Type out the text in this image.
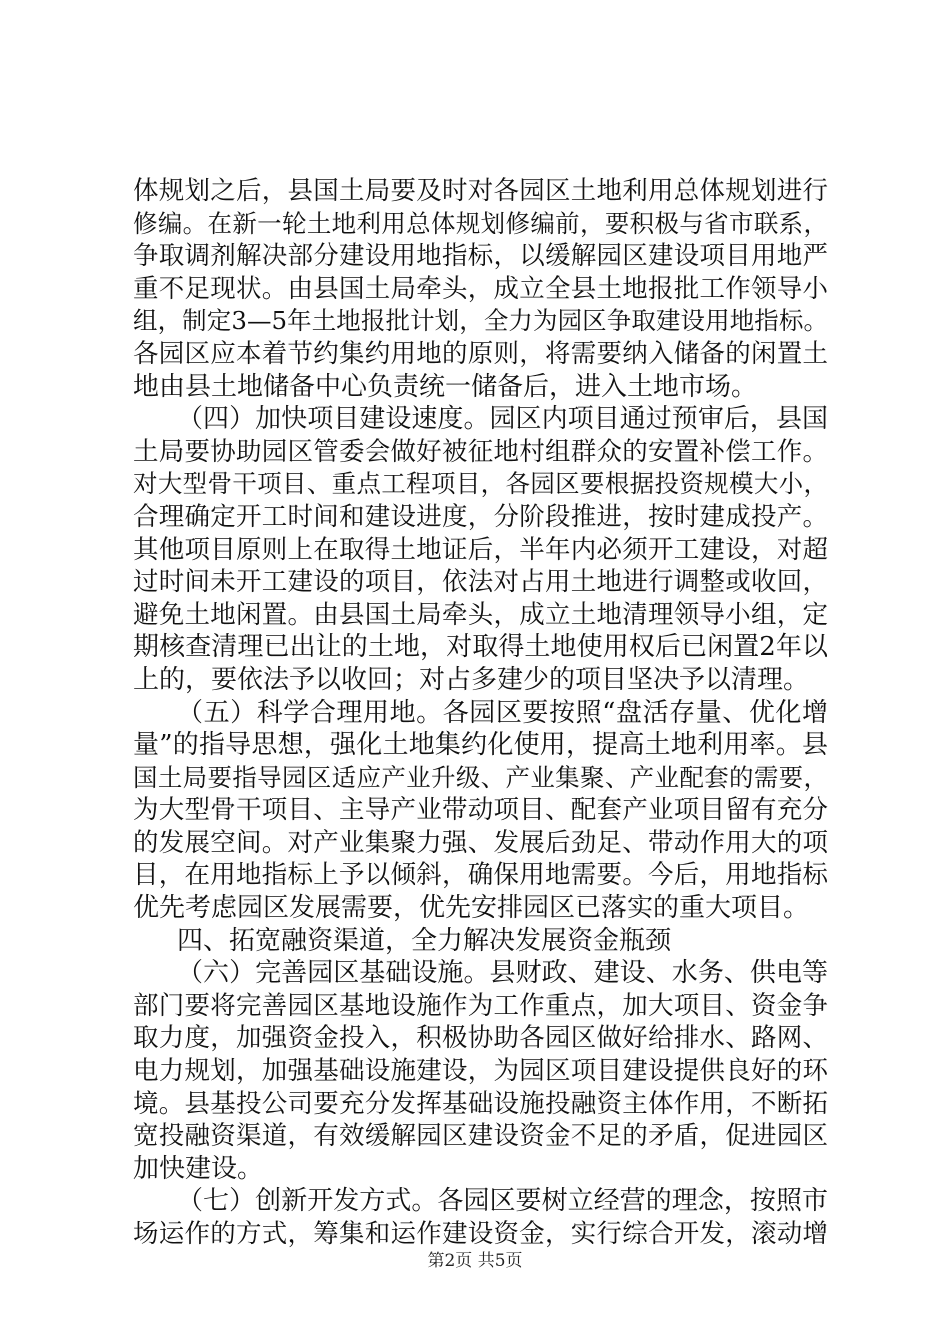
体规划之后，县国土局要及时对各园区土地利用总体规划进行
修编。在新一轮土地利用总体规划修编前，要积极与省市联系，
争取调剂解决部分建设用地指标，以缓解园区建设项目用地严
重不足现状。由县国土局牵头，成立全县土地报批工作领导小
组，制定3—5年土地报批计划，全力为园区争取建设用地指标。
各园区应本着节约集约用地的原则，将需要纳入储备的闲置土
地由县土地储备中心负责统一储备后，进入土地市场。
（四）加快项目建设速度。园区内项目通过预审后，县国
土局要协助园区管委会做好被征地村组群众的安置补偿工作。
对大型骨干项目、重点工程项目，各园区要根据投资规模大小，
合理确定开工时间和建设进度，分阶段推进，按时建成投产。
其他项目原则上在取得土地证后，半年内必须开工建设，对超
过时间未开工建设的项目，依法对占用土地进行调整或收回，
避免土地闲置。由县国土局牵头，成立土地清理领导小组，定
期核查清理已出让的土地，对取得土地使用权后已闲置2年以
上的，要依法予以收回；对占多建少的项目坚决予以清理。
（五）科学合理用地。各园区要按照“盘活存量、优化增
量”的指导思想，强化土地集约化使用，提高土地利用率。县
国土局要指导园区适应产业升级、产业集聚、产业配套的需要，
为大型骨干项目、主导产业带动项目、配套产业项目留有充分
的发展空间。对产业集聚力强、发展后劲足、带动作用大的项
目，在用地指标上予以倾斜，确保用地需要。今后，用地指标
优先考虑园区发展需要，优先安排园区已落实的重大项目。
四、拓宽融资渠道，全力解决发展资金瓶颈
（六）完善园区基础设施。县财政、建设、水务、供电等
部门要将完善园区基地设施作为工作重点，加大项目、资金争
取力度，加强资金投入，积极协助各园区做好给排水、路网、
电力规划，加强基础设施建设，为园区项目建设提供良好的环
境。县基投公司要充分发挥基础设施投融资主体作用，不断拓
宽投融资渠道，有效缓解园区建设资金不足的矛盾，促进园区
加快建设。
（七）创新开发方式。各园区要树立经营的理念，按照市
场运作的方式，筹集和运作建设资金，实行综合开发，滚动增
第2页 共5页
